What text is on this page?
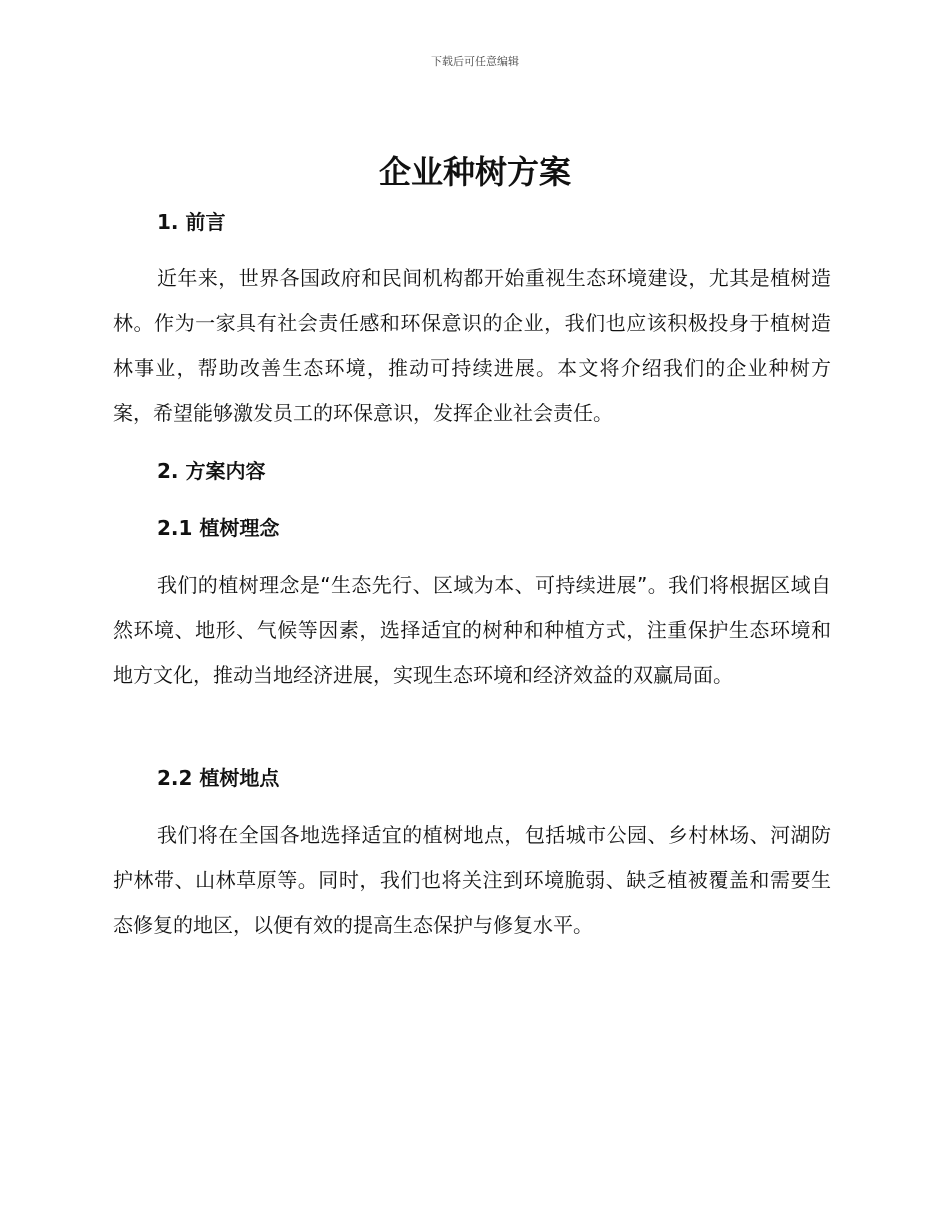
下载后可任意编辑
企业种树方案
1. 前言

近年来，世界各国政府和民间机构都开始重视生态环境建设，尤其是植树造林。作为一家具有社会责任感和环保意识的企业，我们也应该积极投身于植树造林事业，帮助改善生态环境，推动可持续进展。本文将介绍我们的企业种树方案，希望能够激发员工的环保意识，发挥企业社会责任。

2. 方案内容
2.1 植树理念

我们的植树理念是“生态先行、区域为本、可持续进展”。我们将根据区域自然环境、地形、气候等因素，选择适宜的树种和种植方式，注重保护生态环境和地方文化，推动当地经济进展，实现生态环境和经济效益的双赢局面。

2.2 植树地点

我们将在全国各地选择适宜的植树地点，包括城市公园、乡村林场、河湖防护林带、山林草原等。同时，我们也将关注到环境脆弱、缺乏植被覆盖和需要生态修复的地区，以便有效的提高生态保护与修复水平。
